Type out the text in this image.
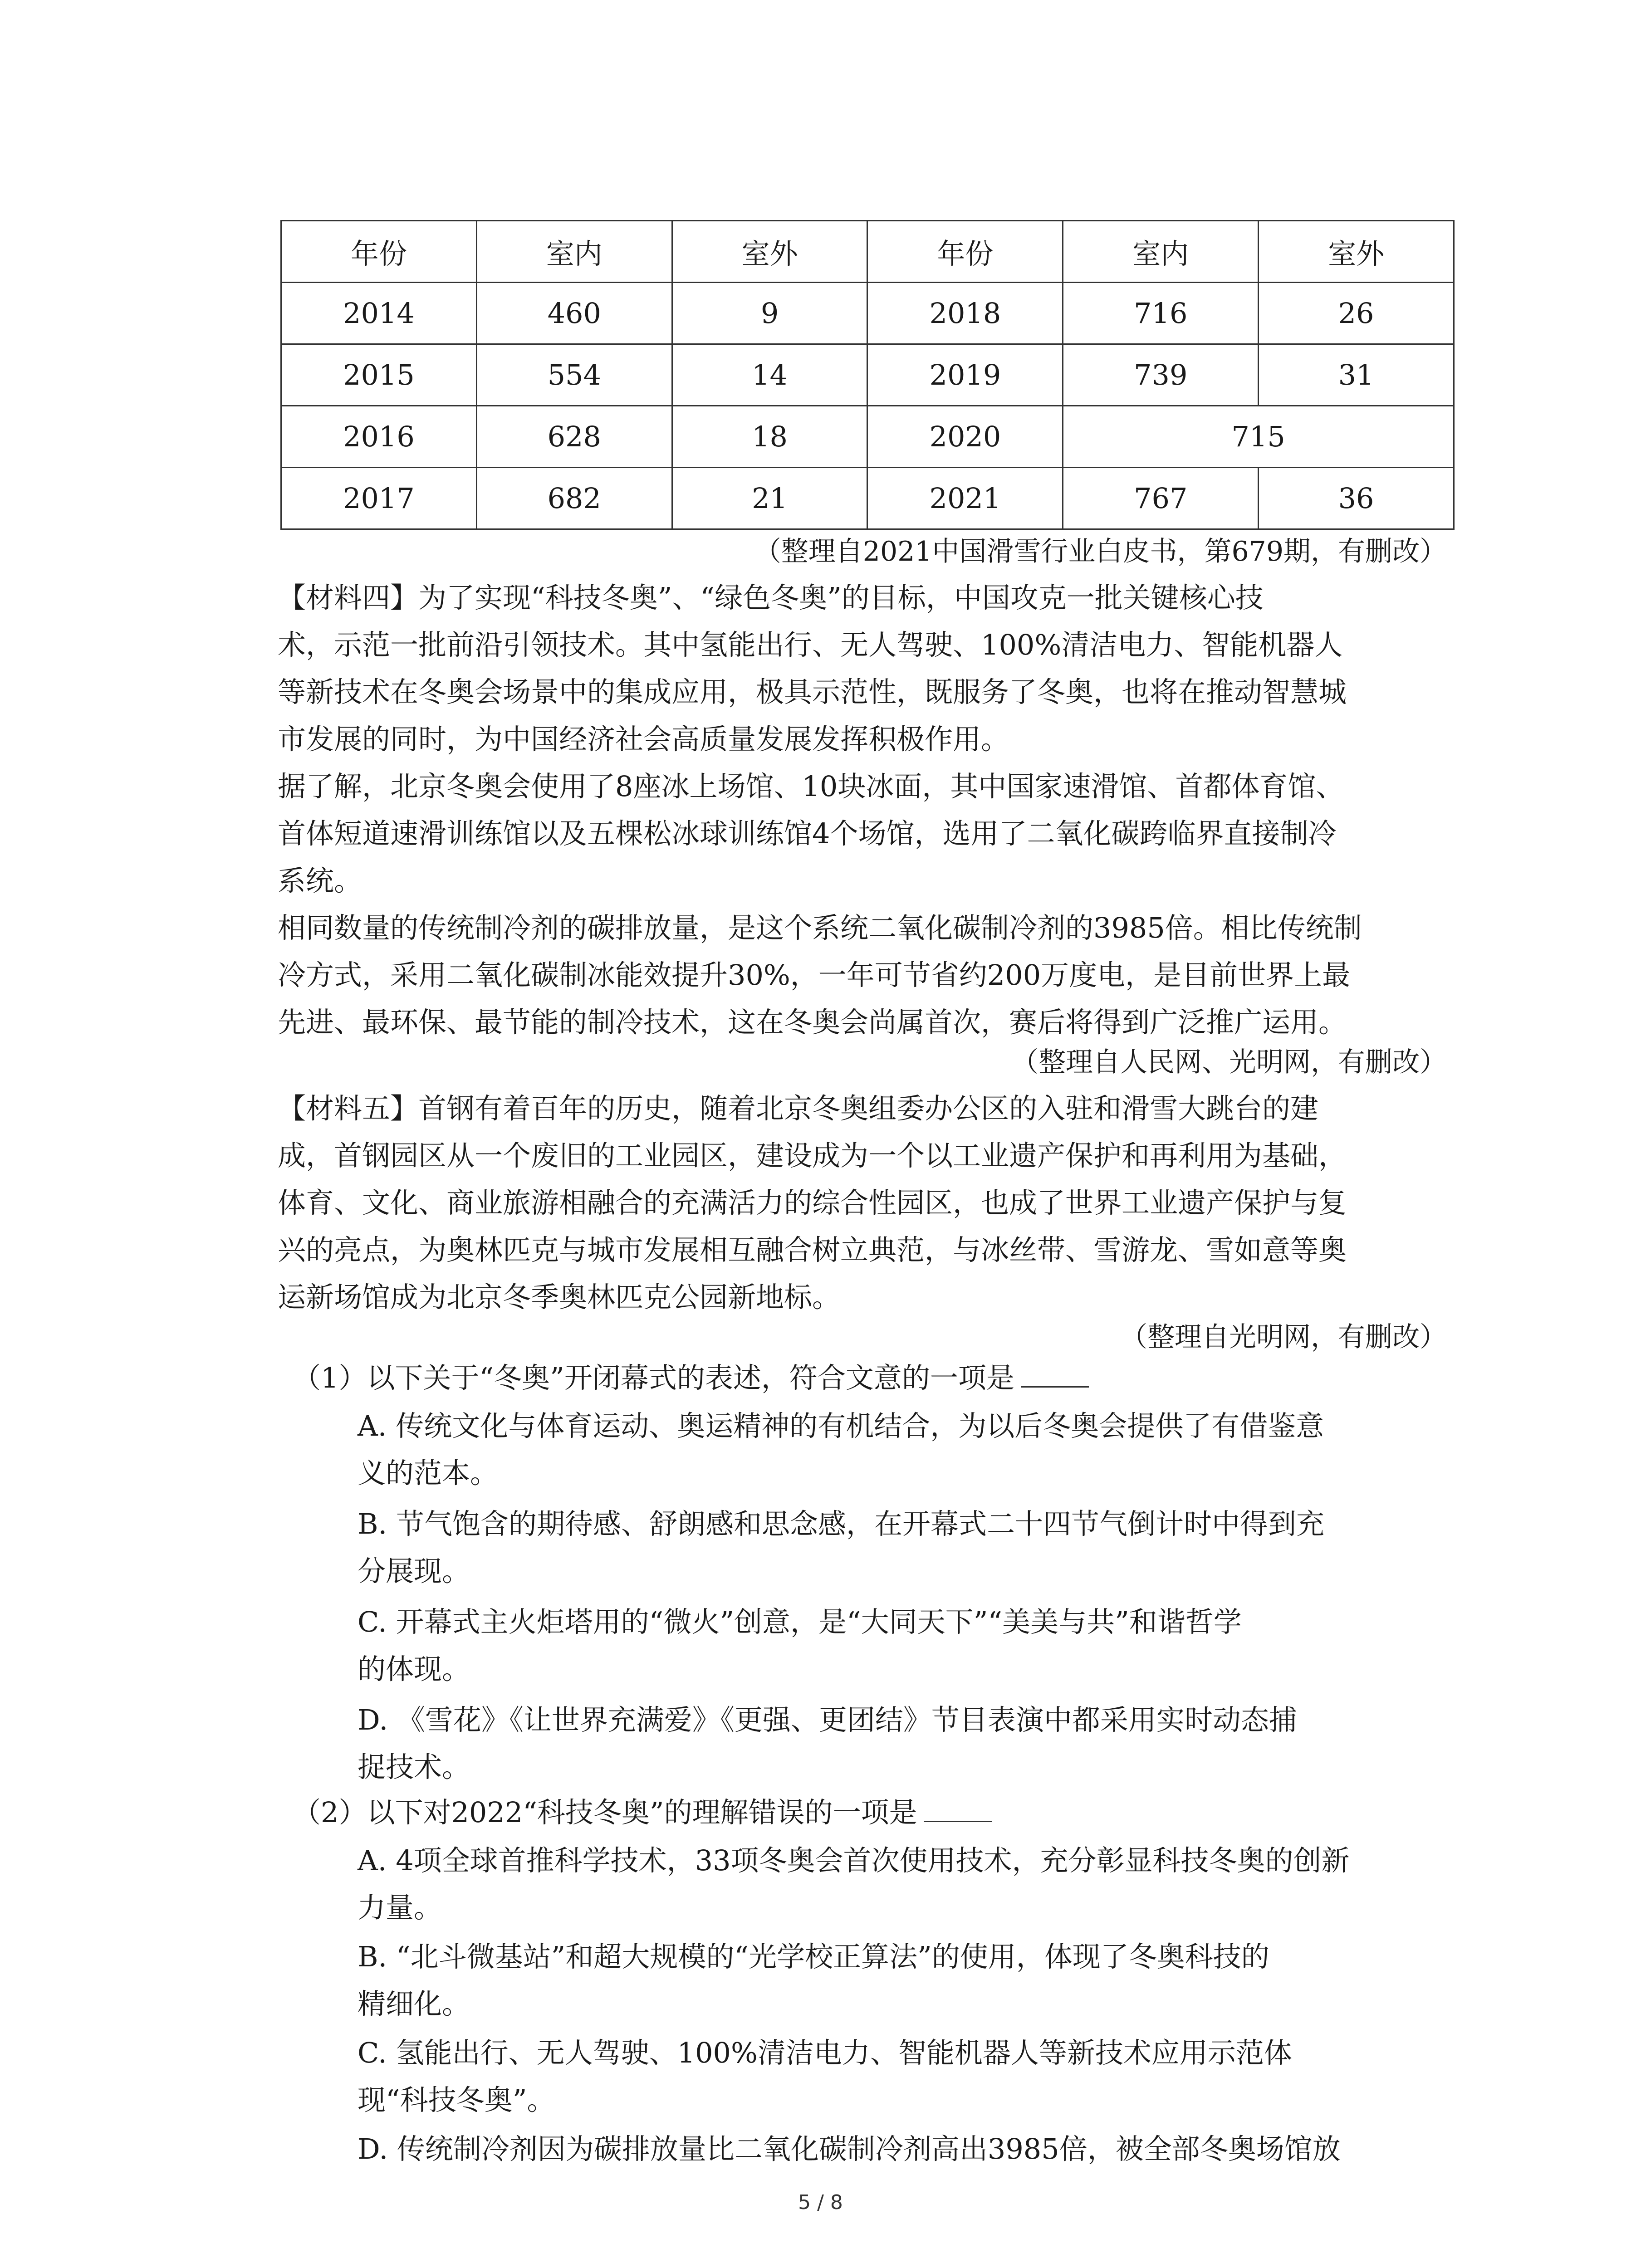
年份	室内	室外	年份	室内	室外
2014	460	9	2018	716	26
2015	554	14	2019	739	31
2016	628	18	2020	715	
2017	682	21	2021	767	36
（整理自2021中国滑雪行业白皮书，第679期，有删改）
【材料四】为了实现“科技冬奥”、“绿色冬奥”的目标，中国攻克一批关键核心技
术，示范一批前沿引领技术。其中氢能出行、无人驾驶、100%清洁电力、智能机器人
等新技术在冬奥会场景中的集成应用，极具示范性，既服务了冬奥，也将在推动智慧城
市发展的同时，为中国经济社会高质量发展发挥积极作用。
据了解，北京冬奥会使用了8座冰上场馆、10块冰面，其中国家速滑馆、首都体育馆、
首体短道速滑训练馆以及五棵松冰球训练馆4个场馆，选用了二氧化碳跨临界直接制冷
系统。
相同数量的传统制冷剂的碳排放量，是这个系统二氧化碳制冷剂的3985倍。相比传统制
冷方式，采用二氧化碳制冰能效提升30%，一年可节省约200万度电，是目前世界上最
先进、最环保、最节能的制冷技术，这在冬奥会尚属首次，赛后将得到广泛推广运用。
（整理自人民网、光明网，有删改）
【材料五】首钢有着百年的历史，随着北京冬奥组委办公区的入驻和滑雪大跳台的建
成，首钢园区从一个废旧的工业园区，建设成为一个以工业遗产保护和再利用为基础，
体育、文化、商业旅游相融合的充满活力的综合性园区，也成了世界工业遗产保护与复
兴的亮点，为奥林匹克与城市发展相互融合树立典范，与冰丝带、雪游龙、雪如意等奥
运新场馆成为北京冬季奥林匹克公园新地标。
（整理自光明网，有删改）
（1）以下关于“冬奥”开闭幕式的表述，符合文意的一项是
A. 传统文化与体育运动、奥运精神的有机结合，为以后冬奥会提供了有借鉴意
义的范本。
B. 节气饱含的期待感、舒朗感和思念感，在开幕式二十四节气倒计时中得到充
分展现。
C. 开幕式主火炬塔用的“微火”创意，是“大同天下”“美美与共”和谐哲学
的体现。
D. 《雪花》《让世界充满爱》《更强、更团结》节目表演中都采用实时动态捕
捉技术。
（2）以下对2022“科技冬奥”的理解错误的一项是
A. 4项全球首推科学技术，33项冬奥会首次使用技术，充分彰显科技冬奥的创新
力量。
B. “北斗微基站”和超大规模的“光学校正算法”的使用，体现了冬奥科技的
精细化。
C. 氢能出行、无人驾驶、100%清洁电力、智能机器人等新技术应用示范体
现“科技冬奥”。
D. 传统制冷剂因为碳排放量比二氧化碳制冷剂高出3985倍，被全部冬奥场馆放
5 / 8
